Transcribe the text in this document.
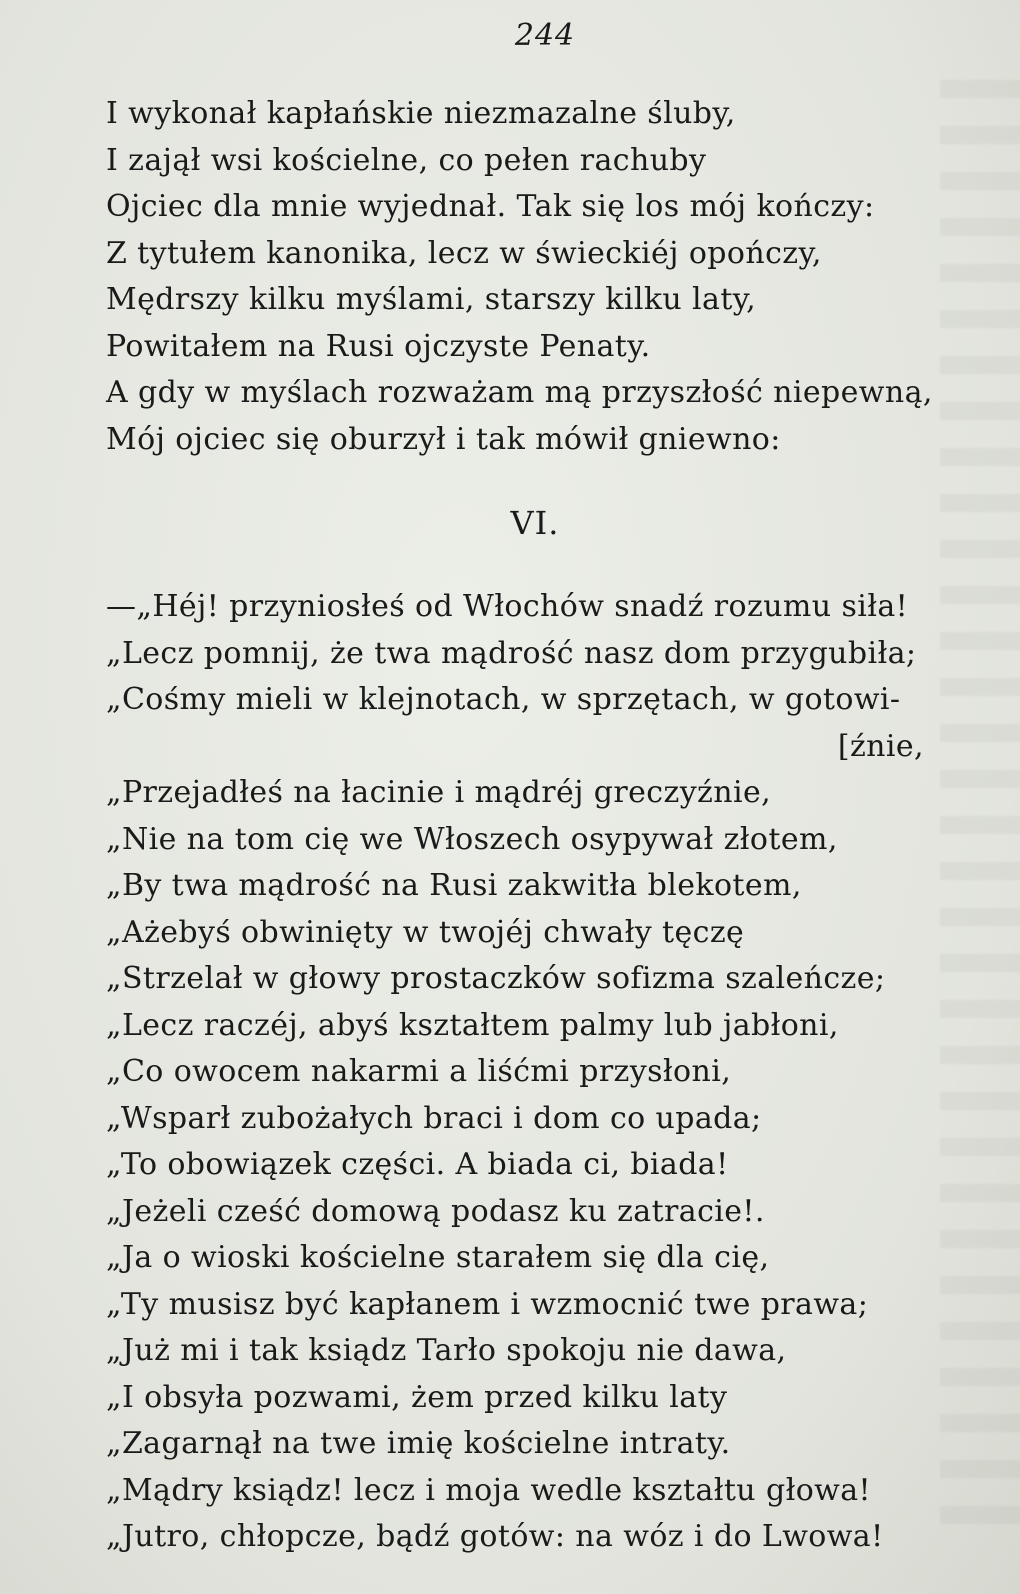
244
I wykonał kapłańskie niezmazalne śluby,
I zajął wsi kościelne, co pełen rachuby
Ojciec dla mnie wyjednał. Tak się los mój kończy:
Z tytułem kanonika, lecz w świeckiéj opończy,
Mędrszy kilku myślami, starszy kilku laty,
Powitałem na Rusi ojczyste Penaty.
A gdy w myślach rozważam mą przyszłość niepewną,
Mój ojciec się oburzył i tak mówił gniewno:
VI.
—„Héj! przyniosłeś od Włochów snadź rozumu siła!
„Lecz pomnij, że twa mądrość nasz dom przygubiła;
„Cośmy mieli w klejnotach, w sprzętach, w gotowi-
[źnie,
„Przejadłeś na łacinie i mądréj greczyźnie,
„Nie na tom cię we Włoszech osypywał złotem,
„By twa mądrość na Rusi zakwitła blekotem,
„Ażebyś obwinięty w twojéj chwały tęczę
„Strzelał w głowy prostaczków sofizma szaleńcze;
„Lecz raczéj, abyś kształtem palmy lub jabłoni,
„Co owocem nakarmi a liśćmi przysłoni,
„Wsparł zubożałych braci i dom co upada;
„To obowiązek części. A biada ci, biada!
„Jeżeli cześć domową podasz ku zatracie!.
„Ja o wioski kościelne starałem się dla cię,
„Ty musisz być kapłanem i wzmocnić twe prawa;
„Już mi i tak ksiądz Tarło spokoju nie dawa,
„I obsyła pozwami, żem przed kilku laty
„Zagarnął na twe imię kościelne intraty.
„Mądry ksiądz! lecz i moja wedle kształtu głowa!
„Jutro, chłopcze, bądź gotów: na wóz i do Lwowa!
